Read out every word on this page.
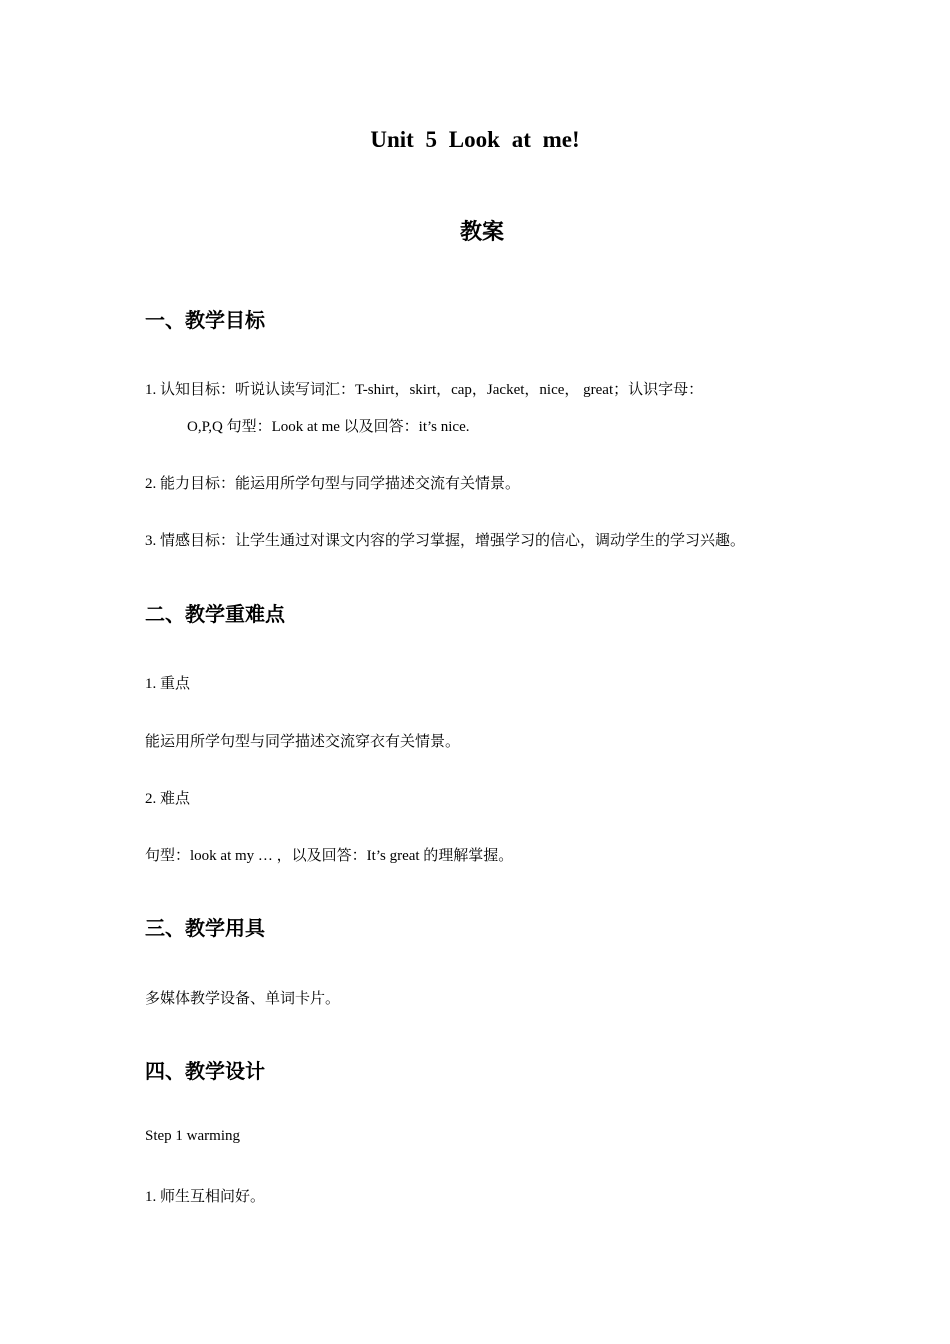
Unit 5 Look at me!
教案
一、教学目标
1. 认知目标：听说认读写词汇：T-shirt，skirt，cap，Jacket，nice， great；认识字母：
O,P,Q 句型：Look at me 以及回答：it’s nice.
2. 能力目标：能运用所学句型与同学描述交流有关情景。
3. 情感目标：让学生通过对课文内容的学习掌握，增强学习的信心，调动学生的学习兴趣。
二、教学重难点
1. 重点
能运用所学句型与同学描述交流穿衣有关情景。
2. 难点
句型：look at my … ，以及回答：It’s great 的理解掌握。
三、教学用具
多媒体教学设备、单词卡片。
四、教学设计
Step 1 warming
1. 师生互相问好。
